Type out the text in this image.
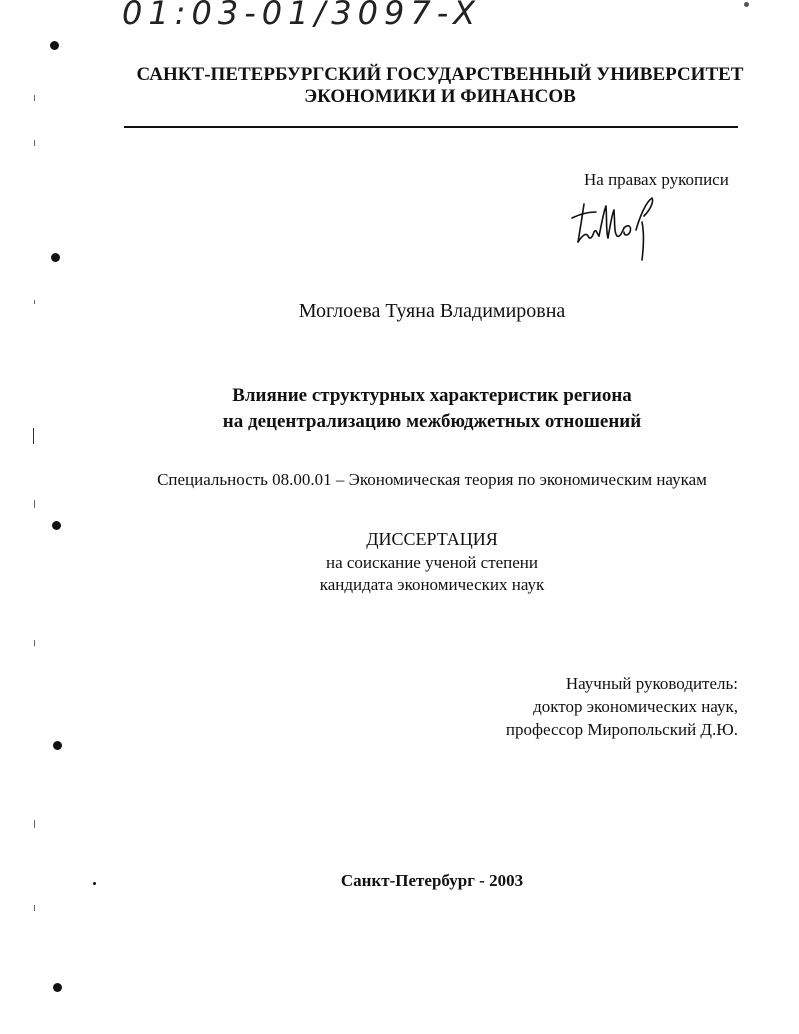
01:03-01/3097-X
САНКТ-ПЕТЕРБУРГСКИЙ ГОСУДАРСТВЕННЫЙ УНИВЕРСИТЕТ
ЭКОНОМИКИ И ФИНАНСОВ
На правах рукописи
Моглоева Туяна Владимировна
Влияние структурных характеристик региона
на децентрализацию межбюджетных отношений
Специальность 08.00.01 – Экономическая теория по экономическим наукам
ДИССЕРТАЦИЯ
на соискание ученой степени
кандидата экономических наук
Научный руководитель:
доктор экономических наук,
профессор Миропольский Д.Ю.
Санкт-Петербург - 2003
